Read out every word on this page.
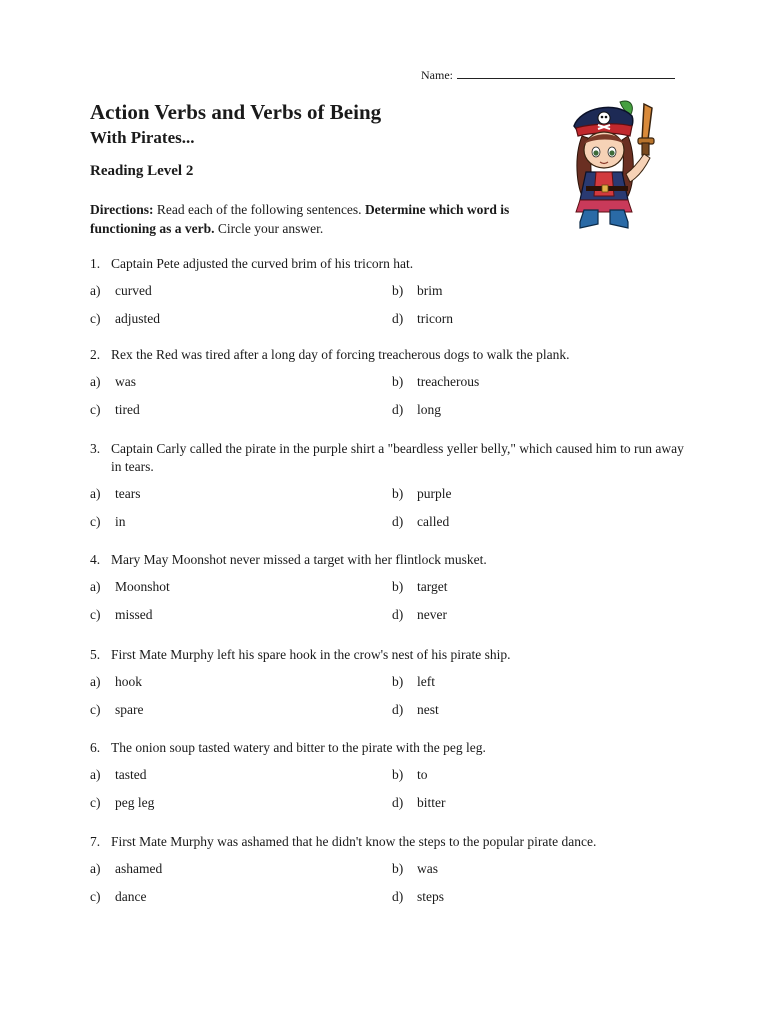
Name:
Action Verbs and Verbs of Being
With Pirates...
Reading Level 2
Directions: Read each of the following sentences. Determine which word is functioning as a verb. Circle your answer.
1. Captain Pete adjusted the curved brim of his tricorn hat.
a) curved	b) brim
c) adjusted	d) tricorn
2. Rex the Red was tired after a long day of forcing treacherous dogs to walk the plank.
a) was	b) treacherous
c) tired	d) long
3. Captain Carly called the pirate in the purple shirt a "beardless yeller belly," which caused him to run away in tears.
a) tears	b) purple
c) in	d) called
4. Mary May Moonshot never missed a target with her flintlock musket.
a) Moonshot	b) target
c) missed	d) never
5. First Mate Murphy left his spare hook in the crow's nest of his pirate ship.
a) hook	b) left
c) spare	d) nest
6. The onion soup tasted watery and bitter to the pirate with the peg leg.
a) tasted	b) to
c) peg leg	d) bitter
7. First Mate Murphy was ashamed that he didn't know the steps to the popular pirate dance.
a) ashamed	b) was
c) dance	d) steps
